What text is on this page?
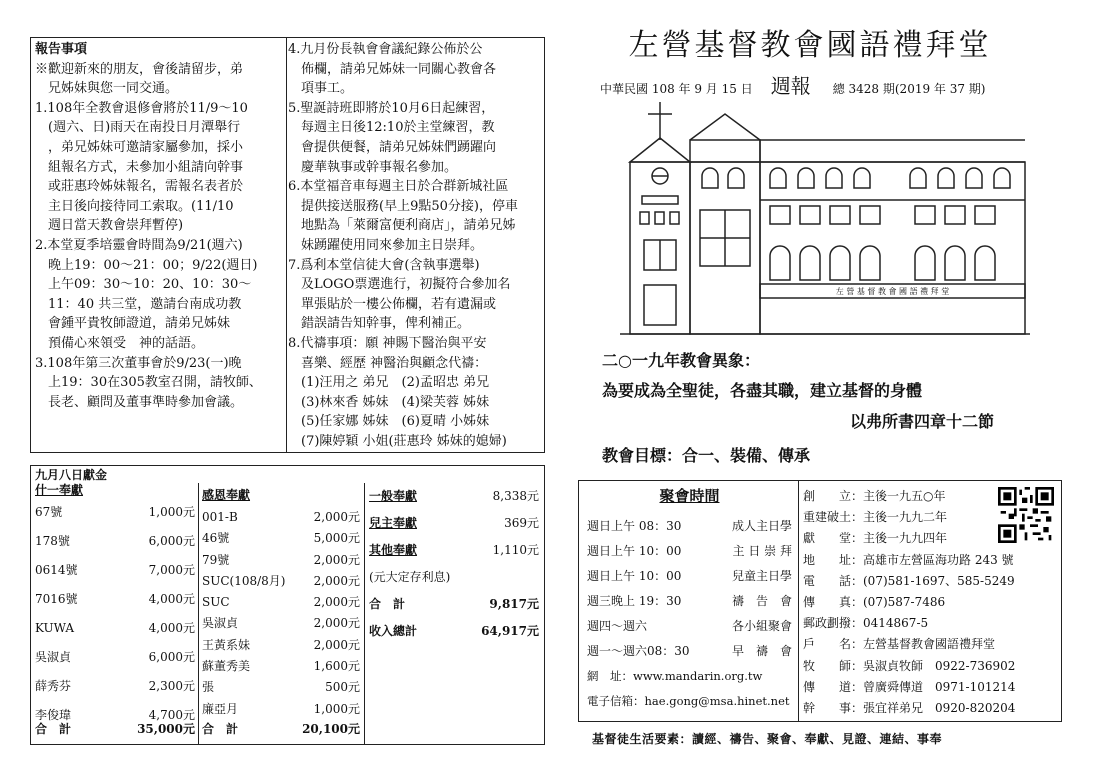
報告事項
※歡迎新來的朋友，會後請留步，弟
　兄姊妹與您一同交通。
1.108年全教會退修會將於11/9～10
　(週六、日)雨天在南投日月潭舉行
　，弟兄姊妹可邀請家屬參加，採小
　組報名方式，未參加小組請向幹事
　或莊惠玲姊妹報名，需報名表者於
　主日後向接待同工索取。(11/10
　週日當天教會崇拜暫停)
2.本堂夏季培靈會時間為9/21(週六)
　晚上19：00～21：00；9/22(週日)
　上午09：30～10：20、10：30～
　11：40 共三堂，邀請台南成功教
　會鍾平貴牧師證道，請弟兄姊妹
　預備心來領受　神的話語。
3.108年第三次董事會於9/23(一)晚
　上19：30在305教室召開，請牧師、
　長老、顧問及董事準時參加會議。
4.九月份長執會會議紀錄公佈於公
　佈欄，請弟兄姊妹一同關心教會各
　項事工。
5.聖誕詩班即將於10月6日起練習，
　每週主日後12:10於主堂練習，教
　會提供便餐，請弟兄姊妹們踴躍向
　慶華執事或幹事報名參加。
6.本堂福音車每週主日於合群新城社區
　提供接送服務(早上9點50分接)，停車
　地點為「萊爾富便利商店」，請弟兄姊
　妹踴躍使用同來參加主日崇拜。
7.爲利本堂信徒大會(含執事選舉)
　及LOGO票選進行，初擬符合參加名
　單張貼於一樓公佈欄，若有遺漏或
　錯誤請告知幹事，俾利補正。
8.代禱事項：願 神賜下醫治與平安
　喜樂、經歷 神醫治與顧念代禱：
　(1)汪用之 弟兄　(2)孟昭忠 弟兄
　(3)林來香 姊妹　(4)梁芙蓉 姊妹
　(5)任家娜 姊妹　(6)夏晴 小姊妹
　(7)陳婷穎 小姐(莊惠玲 姊妹的媳婦)
九月八日獻金
什一奉獻
67號	1,000元
178號	6,000元
0614號	7,000元
7016號	4,000元
KUWA	4,000元
吳淑貞	6,000元
薛秀芬	2,300元
李俊瑋	4,700元
合　計	35,000元
感恩奉獻
001-B	2,000元
46號	5,000元
79號	2,000元
SUC(108/8月) 2,000元
SUC	2,000元
吳淑貞	2,000元
王黃系妹	2,000元
蘇董秀美	1,600元
張	500元
廉亞月	1,000元
合　計	20,100元
一般奉獻	8,338元
兒主奉獻	369元
其他奉獻	1,110元
(元大定存利息)
合　計	9,817元
收入總計	64,917元
左營基督教會國語禮拜堂
中華民國 108 年 9 月 15 日 週報 總 3428 期(2019 年 37 期)
左 營 基 督 教 會 國 語 禮 拜 堂
二○一九年教會異象：
為要成為全聖徒，各盡其職，建立基督的身體
以弗所書四章十二節
教會目標：合一、裝備、傳承
聚會時間
週日上午 08：30	成人主日學
週日上午 10：00	主 日 崇 拜
週日上午 10：00	兒童主日學
週三晚上 19：30	禱　告　會
週四～週六	各小組聚會
週一～週六08：30	早　禱　會
網　址：www.mandarin.org.tw
電子信箱：hae.gong@msa.hinet.net
創　　立：主後一九五○年
重建破土：主後一九九二年
獻　　堂：主後一九九四年
地　　址：高雄市左營區海功路 243 號
電　　話：(07)581-1697、585-5249
傳　　真：(07)587-7486
郵政劃撥：0414867-5
戶　　名：左營基督教會國語禮拜堂
牧　　師：吳淑貞牧師　0922-736902
傳　　道：曾廣舜傳道　0971-101214
幹　　事：張宜祥弟兄　0920-820204
基督徒生活要素：讀經、禱告、聚會、奉獻、見證、連結、事奉
